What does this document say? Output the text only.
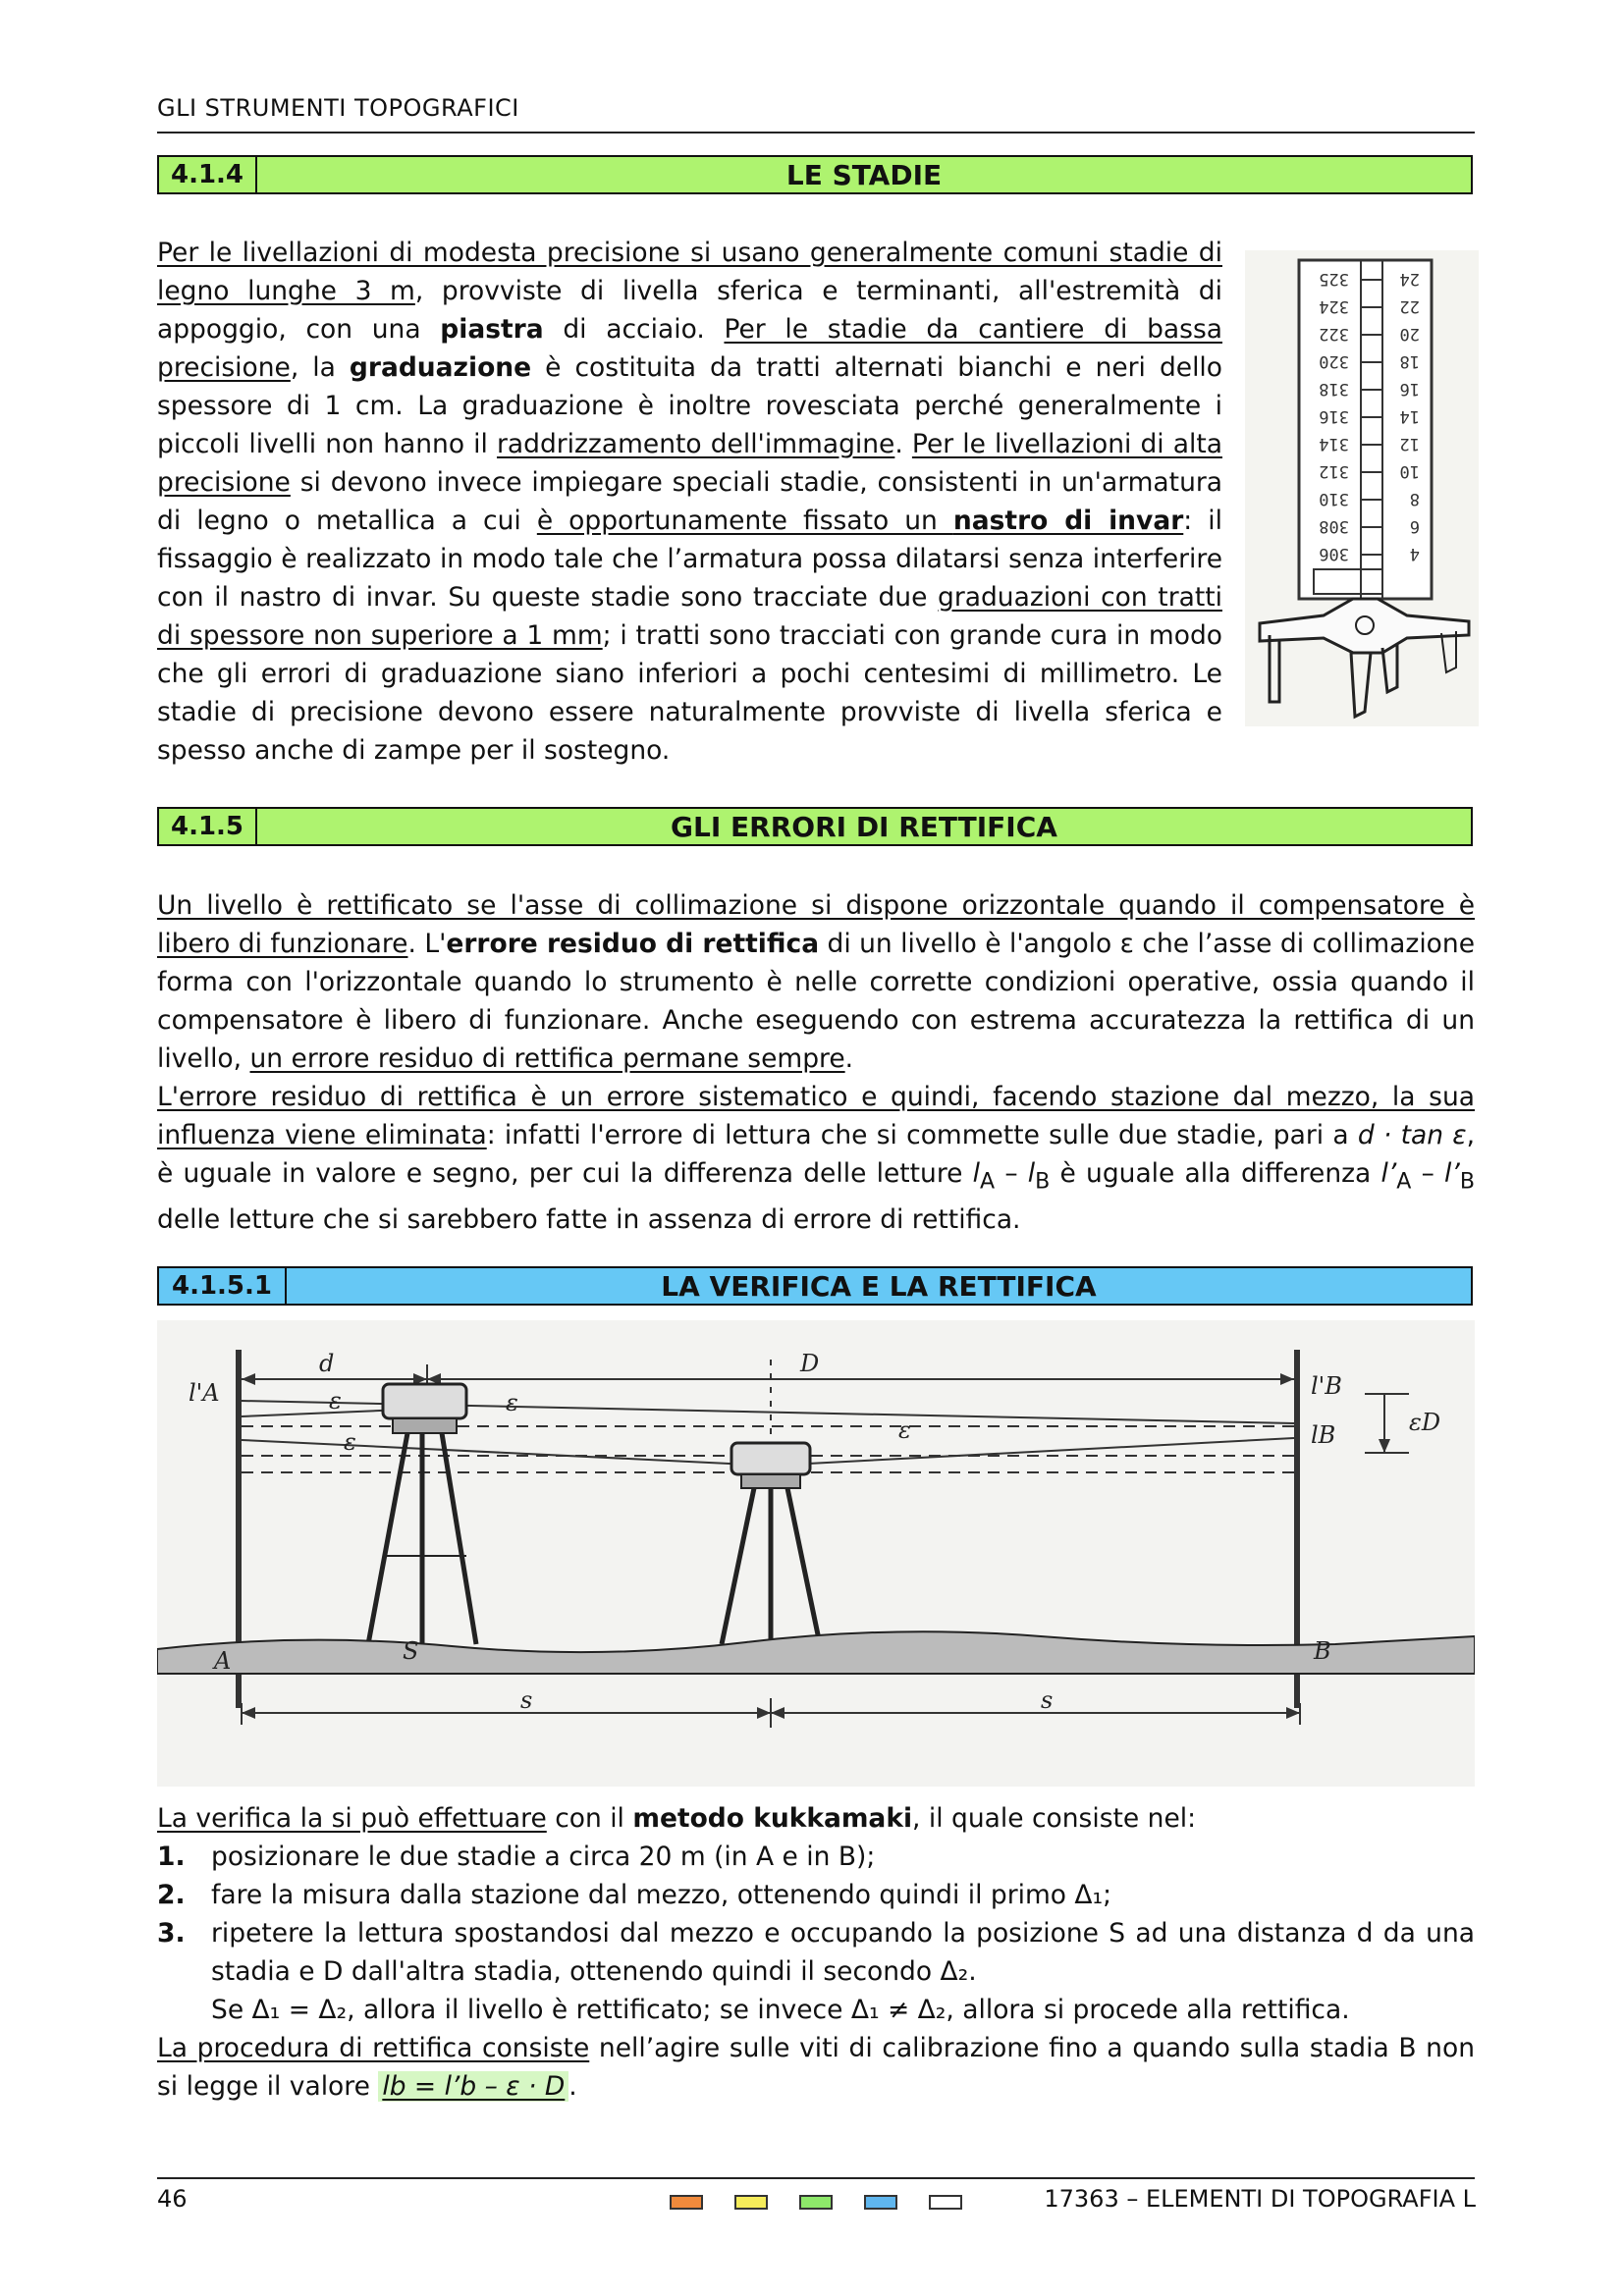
GLI STRUMENTI TOPOGRAFICI
4.1.4	LE STADIE
Per le livellazioni di modesta precisione si usano generalmente comuni stadie di legno lunghe 3 m, provviste di livella sferica e terminanti, all'estremità di appoggio, con una piastra di acciaio. Per le stadie da cantiere di bassa precisione, la graduazione è costituita da tratti alternati bianchi e neri dello spessore di 1 cm. La graduazione è inoltre rovesciata perché generalmente i piccoli livelli non hanno il raddrizzamento dell'immagine. Per le livellazioni di alta precisione si devono invece impiegare speciali stadie, consistenti in un'armatura di legno o metallica a cui è opportunamente fissato un nastro di invar: il fissaggio è realizzato in modo tale che l’armatura possa dilatarsi senza interferire con il nastro di invar. Su queste stadie sono tracciate due graduazioni con tratti di spessore non superiore a 1 mm; i tratti sono tracciati con grande cura in modo che gli errori di graduazione siano inferiori a pochi centesimi di millimetro. Le stadie di precisione devono essere naturalmente provviste di livella sferica e spesso anche di zampe per il sostegno.
325
324
322
320
318
316
314
312
310
308
306
24
22
20
18
16
14
12
10
8
6
4
4.1.5	GLI ERRORI DI RETTIFICA
Un livello è rettificato se l'asse di collimazione si dispone orizzontale quando il compensatore è libero di funzionare. L'errore residuo di rettifica di un livello è l'angolo ε che l’asse di collimazione forma con l'orizzontale quando lo strumento è nelle corrette condizioni operative, ossia quando il compensatore è libero di funzionare. Anche eseguendo con estrema accuratezza la rettifica di un livello, un errore residuo di rettifica permane sempre.
L'errore residuo di rettifica è un errore sistematico e quindi, facendo stazione dal mezzo, la sua influenza viene eliminata: infatti l'errore di lettura che si commette sulle due stadie, pari a d · tan ε, è uguale in valore e segno, per cui la differenza delle letture $l_A - l_B$ è uguale alla differenza $l’_A$ – $l’_B$ delle letture che si sarebbero fatte in assenza di errore di rettifica.
4.1.5.1	LA VERIFICA E LA RETTIFICA
l'A	l'B
lB
d	D
ε	ε
ε	ε	εD
A	B
S
s	s
La verifica la si può effettuare con il metodo kukkamaki, il quale consiste nel:
1. posizionare le due stadie a circa 20 m (in A e in B);
2. fare la misura dalla stazione dal mezzo, ottenendo quindi il primo Δ₁;
3. ripetere la lettura spostandosi dal mezzo e occupando la posizione S ad una distanza d da una stadia e D dall'altra stadia, ottenendo quindi il secondo Δ₂.
Se Δ₁ = Δ₂, allora il livello è rettificato; se invece Δ₁ ≠ Δ₂, allora si procede alla rettifica.
La procedura di rettifica consiste nell’agire sulle viti di calibrazione fino a quando sulla stadia B non si legge il valore lb = l’b – ε · D .
46	17363 – ELEMENTI DI TOPOGRAFIA L
